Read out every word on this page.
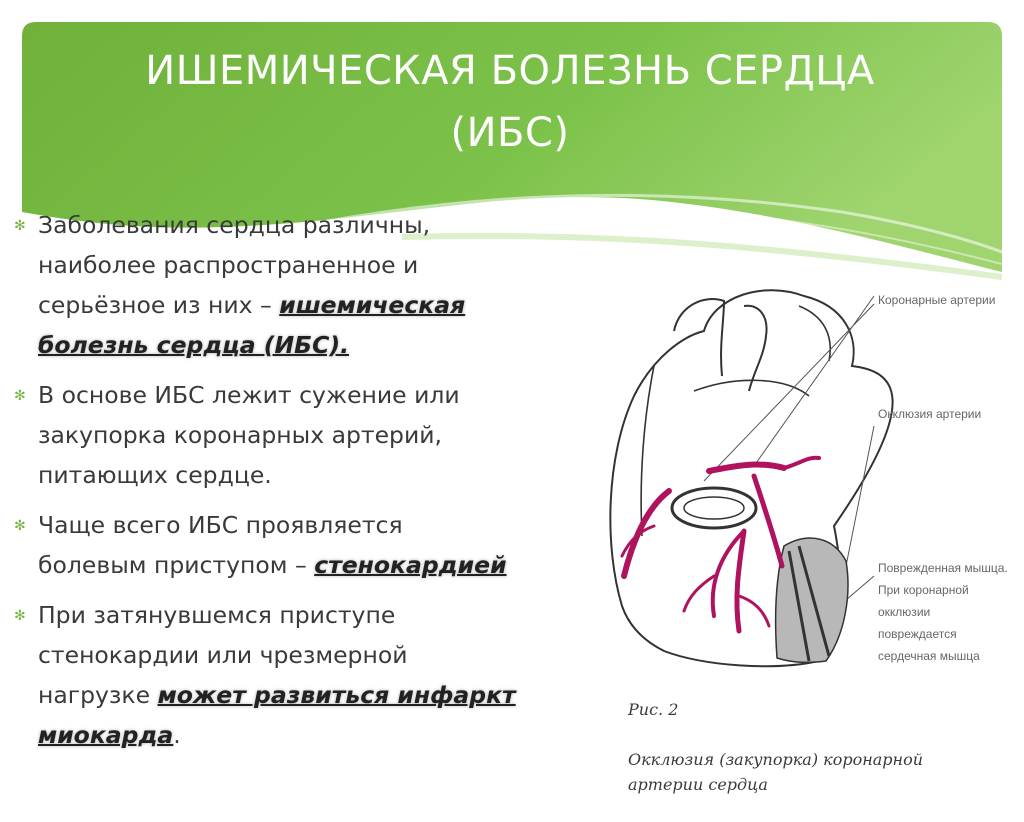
ИШЕМИЧЕСКАЯ БОЛЕЗНЬ СЕРДЦА
(ИБС)
✻ Заболевания сердца различны,
наиболее распространенное и
серьёзное из них – ишемическая
болезнь сердца (ИБС).
✻ В основе ИБС лежит сужение или
закупорка коронарных артерий,
питающих сердце.
✻ Чаще всего ИБС проявляется
болевым приступом – стенокардией
✻ При затянувшемся приступе
стенокардии или чрезмерной
нагрузке может развиться инфаркт
миокарда.
Коронарные артерии
Окклюзия артерии
Поврежденная мышца.
При коронарной
окклюзии
повреждается
сердечная мышца

Рис. 2

Окклюзия (закупорка) коронарной
артерии сердца
